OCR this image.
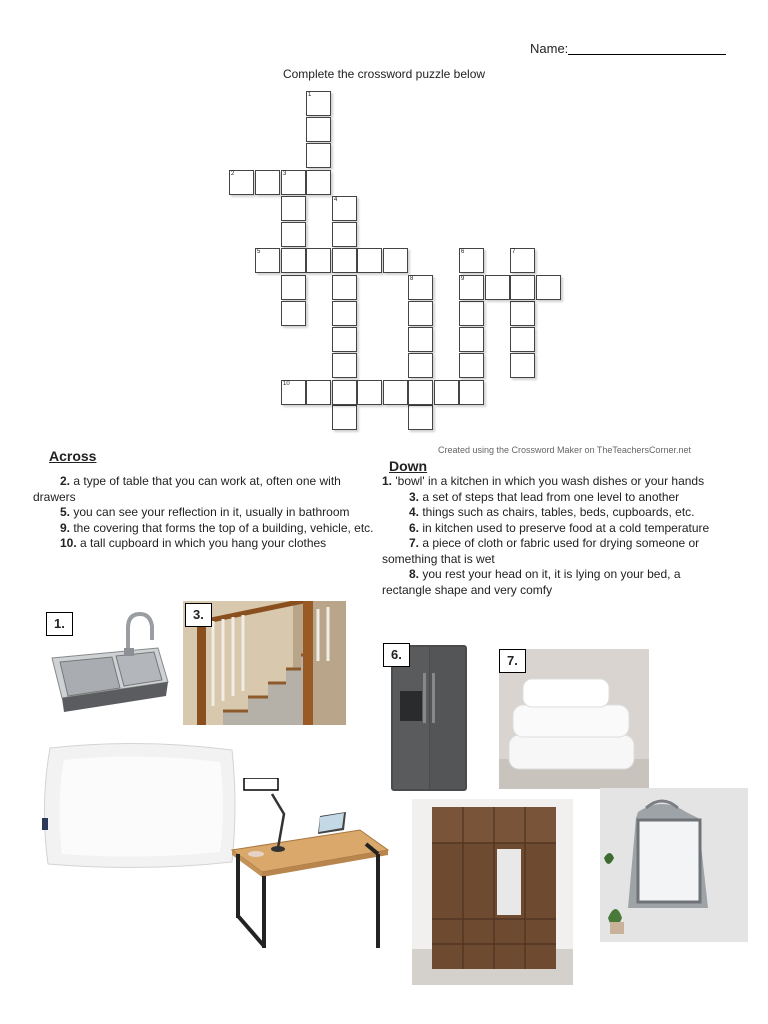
Name:
Complete the crossword puzzle below
1
2	3
4
5	6	7
9
8
10
Created using the Crossword Maker on TheTeachersCorner.net
Across
Down
2. a type of table that you can work at, often one with drawers
5. you can see your reflection in it, usually in bathroom
9. the covering that forms the top of a building, vehicle, etc.
10. a tall cupboard in which you hang your clothes
1. 'bowl' in a kitchen in which you wash dishes or your hands
3. a set of steps that lead from one level to another
4. things such as chairs, tables, beds, cupboards, etc.
6. in kitchen used to preserve food at a cold temperature
7. a piece of cloth or fabric used for drying someone or something that is wet
8. you rest your head on it, it is lying on your bed, a rectangle shape and very comfy
1.
3.
6.	7.
